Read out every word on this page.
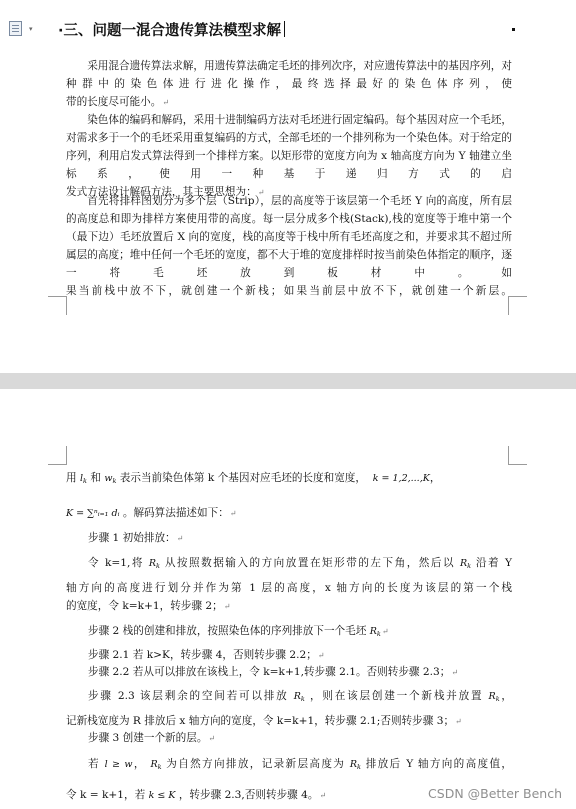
▾ ·三、问题一混合遗传算法模型求解

采用混合遗传算法求解，用遗传算法确定毛坯的排列次序，对应遗传算法中的基因序列，对种群中的染色体进行进化操作，最终选择最好的染色体序列，使
带的长度尽可能小。↵

染色体的编码和解码，采用十进制编码方法对毛坯进行固定编码。每个基因对应一个毛坯，对需求多于一个的毛坯采用重复编码的方式，全部毛坯的一个排列称为一个染色体。对于给定的序列，利用启发式算法得到一个排样方案。以矩形带的宽度方向为 x 轴高度方向为 Y 轴建立坐标系，使用一种基于递归方式的启
发式方法设计解码方法，其主要思想为：↵

首先将排样图划分为多个层（Strip），层的高度等于该层第一个毛坯 Y 向的高度，所有层的高度总和即为排样方案使用带的高度。每一层分成多个栈(Stack),栈的宽度等于堆中第一个（最下边）毛坯放置后 X 向的宽度，栈的高度等于栈中所有毛坯高度之和，并要求其不超过所属层的高度；堆中任何一个毛坯的宽度，都不大于堆的宽度排样时按当前染色体指定的顺序，逐一将毛坯放到板材中。如
果当前栈中放不下，就创建一个新栈；如果当前层中放不下，就创建一个新层。

用 $l_k$ 和 $w_k$ 表示当前染色体第 k 个基因对应毛坯的长度和宽度， k = 1,2,...,K，
K = ∑ⁿᵢ₌₁ dᵢ 。解码算法描述如下：↵
步骤 1 初始排放：↵
令 k=1,将 $R_k$ 从按照数据输入的方向放置在矩形带的左下角，然后以 $R_k$ 沿着 Y
轴方向的高度进行划分并作为第 1 层的高度，x 轴方向的长度为该层的第一个栈
的宽度，令 k=k+1，转步骤 2；↵
步骤 2 栈的创建和排放，按照染色体的序列排放下一个毛坯 $R_k↵$
步骤 2.1 若 k>K，转步骤 4，否则转步骤 2.2；↵
步骤 2.2 若从可以排放在该栈上，令 k=k+1,转步骤 2.1。否则转步骤 2.3；↵
步骤 2.3 该层剩余的空间若可以排放 $R_k$ ，则在该层创建一个新栈并放置 $R_k$，
记新栈宽度为 R 排放后 x 轴方向的宽度，令 k=k+1，转步骤 2.1;否则转步骤 3；↵
步骤 3 创建一个新的层。↵
若 l ≥ w， $R_k$ 为自然方向排放，记录新层高度为 $R_k$ 排放后 Y 轴方向的高度值，
令 k = k+1，若 k ≤ K ，转步骤 2.3,否则转步骤 4。↵	CSDN @Better Bench
